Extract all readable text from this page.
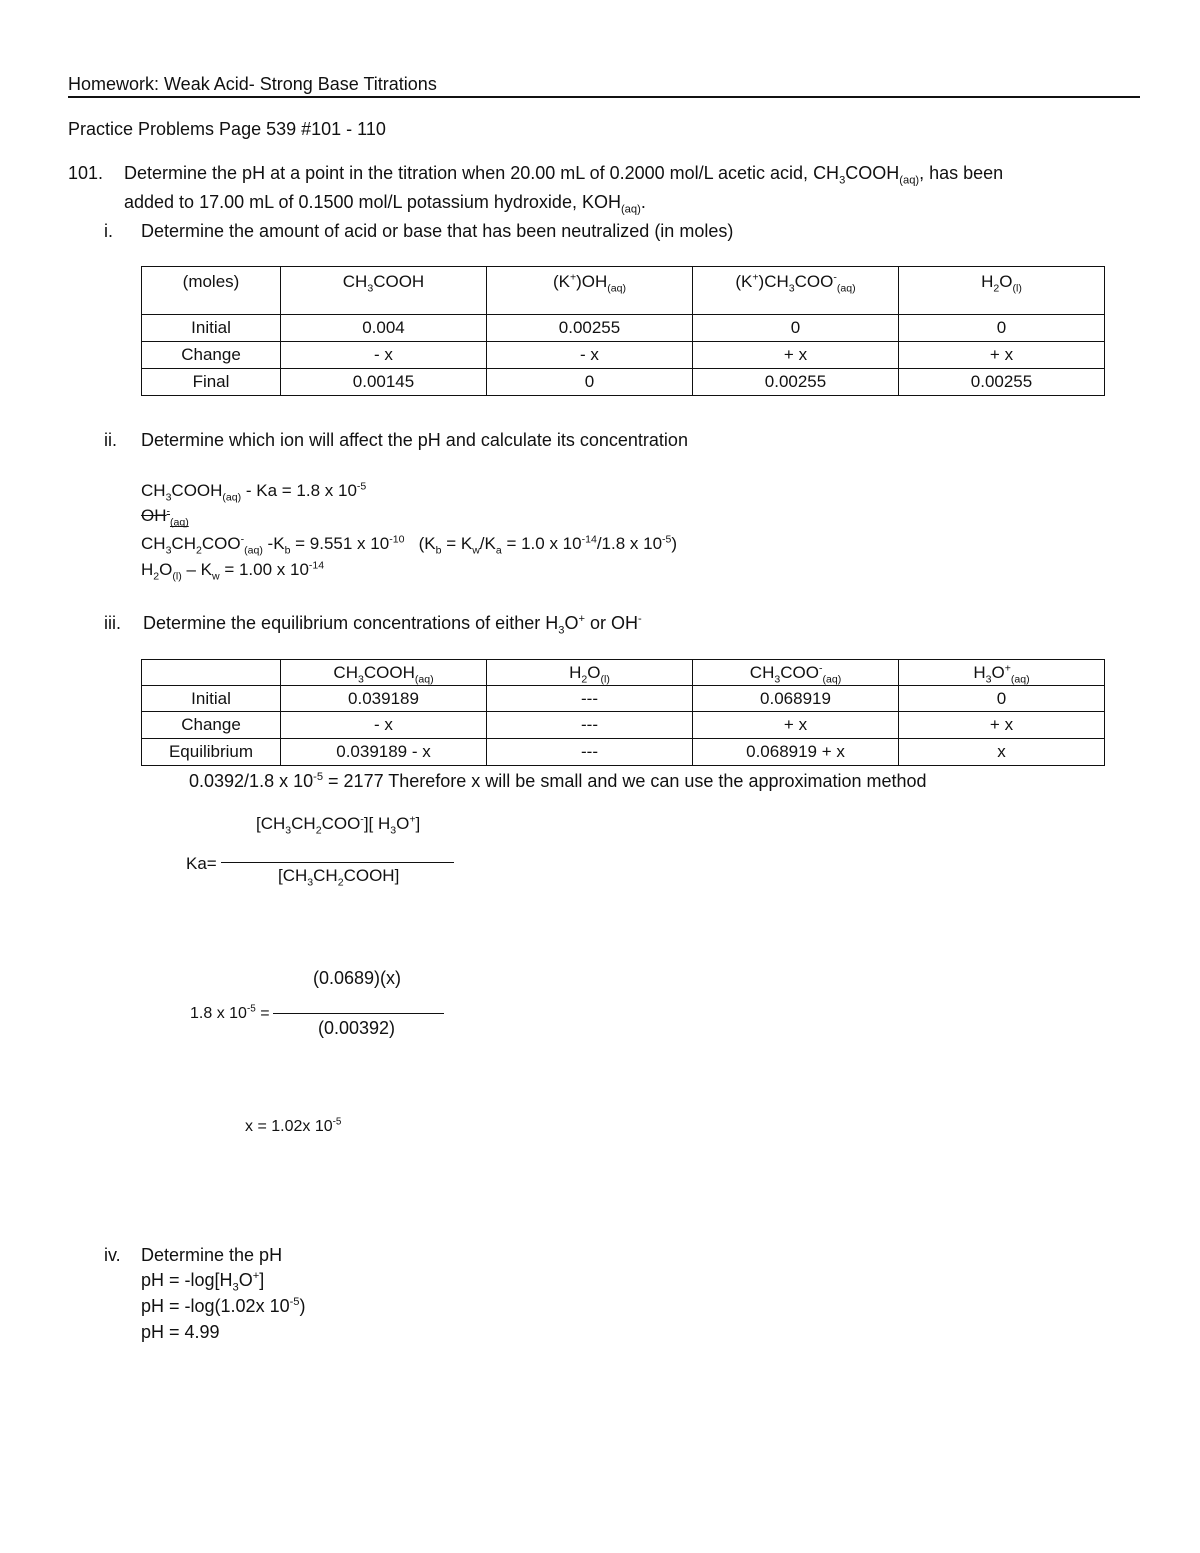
Homework: Weak Acid- Strong Base Titrations
Practice Problems Page 539 #101 - 110
101. Determine the pH at a point in the titration when 20.00 mL of 0.2000 mol/L acetic acid, $CH_3COOH_{(aq)}$, has been
added to 17.00 mL of 0.1500 mol/L potassium hydroxide, $KOH_{(aq)}$.
i. Determine the amount of acid or base that has been neutralized (in moles)
(moles)	$CH_3COOH$	$(K^+)OH_{(aq)}$	$(K^+)CH_3COO^-_{(aq)}$	$H_2O_{(l)}$
Initial	0.004	0.00255	0	0
Change	- x	- x	+ x	+ x
Final	0.00145	0	0.00255	0.00255
ii. Determine which ion will affect the pH and calculate its concentration
$CH_3COOH_{(aq)} - Ka = 1.8$ x $10^{-5}$
$OH^-_{(aq)}$
$CH_3CH_2COO^-_{(aq)}$ $-K_b = 9.551$ x $10^{-10}$   ($K_b = K_w/K_a = 1.0$ x $10^{-14}/1.8$ x $10^{-5}$)
$H_2O_{(l)} - K_w = 1.00$ x $10^{-14}$
iii. Determine the equilibrium concentrations of either $H_3O^+$ or OH-
	$CH_3COOH_{(aq)}$	$H_2O_{(l)}$	$CH_3COO^-_{(aq)}$	$H_3O^+_{(aq)}$
Initial	0.039189	---	0.068919	0
Change	- x	---	+ x	+ x
Equilibrium	0.039189 - x	---	0.068919 + x	x
0.0392/1.8 x $10^{-5} = 2177$ Therefore x will be small and we can use the approximation method
$[CH_3CH_2COO^-]$[ $H_3O^+$]
Ka=
$[CH_3CH_2COOH]$
(0.0689)(x)
1.8 x $10^{-5}$ =
(0.00392)
x = 1.02x $10^{-5}$
iv. Determine the pH
pH = $-\log[H_3O^+]$
pH = -log(1.02x $10^{-5}$)
pH = 4.99
